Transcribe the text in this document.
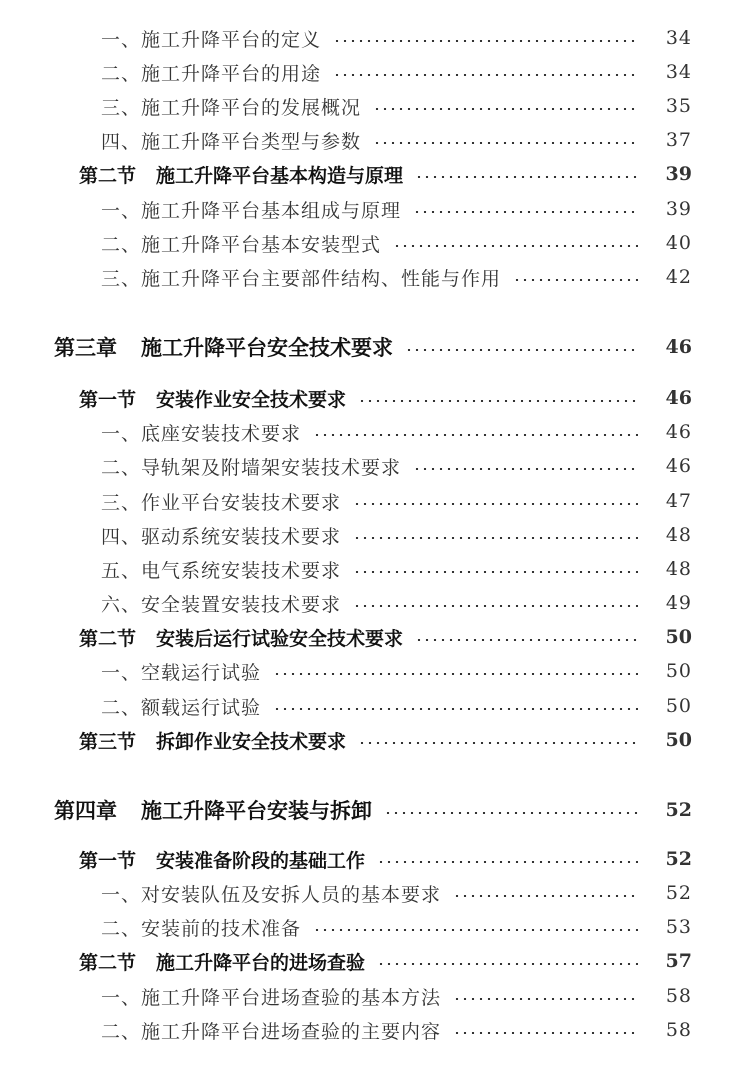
一、施工升降平台的定义	34
二、施工升降平台的用途	34
三、施工升降平台的发展概况	35
四、施工升降平台类型与参数	37
第二节 施工升降平台基本构造与原理	39
一、施工升降平台基本组成与原理	39
二、施工升降平台基本安装型式	40
三、施工升降平台主要部件结构、性能与作用	42
第三章 施工升降平台安全技术要求	46
第一节 安装作业安全技术要求	46
一、底座安装技术要求	46
二、导轨架及附墙架安装技术要求	46
三、作业平台安装技术要求	47
四、驱动系统安装技术要求	48
五、电气系统安装技术要求	48
六、安全装置安装技术要求	49
第二节 安装后运行试验安全技术要求	50
一、空载运行试验	50
二、额载运行试验	50
第三节 拆卸作业安全技术要求	50
第四章 施工升降平台安装与拆卸	52
第一节 安装准备阶段的基础工作	52
一、对安装队伍及安拆人员的基本要求	52
二、安装前的技术准备	53
第二节 施工升降平台的进场查验	57
一、施工升降平台进场查验的基本方法	58
二、施工升降平台进场查验的主要内容	58
